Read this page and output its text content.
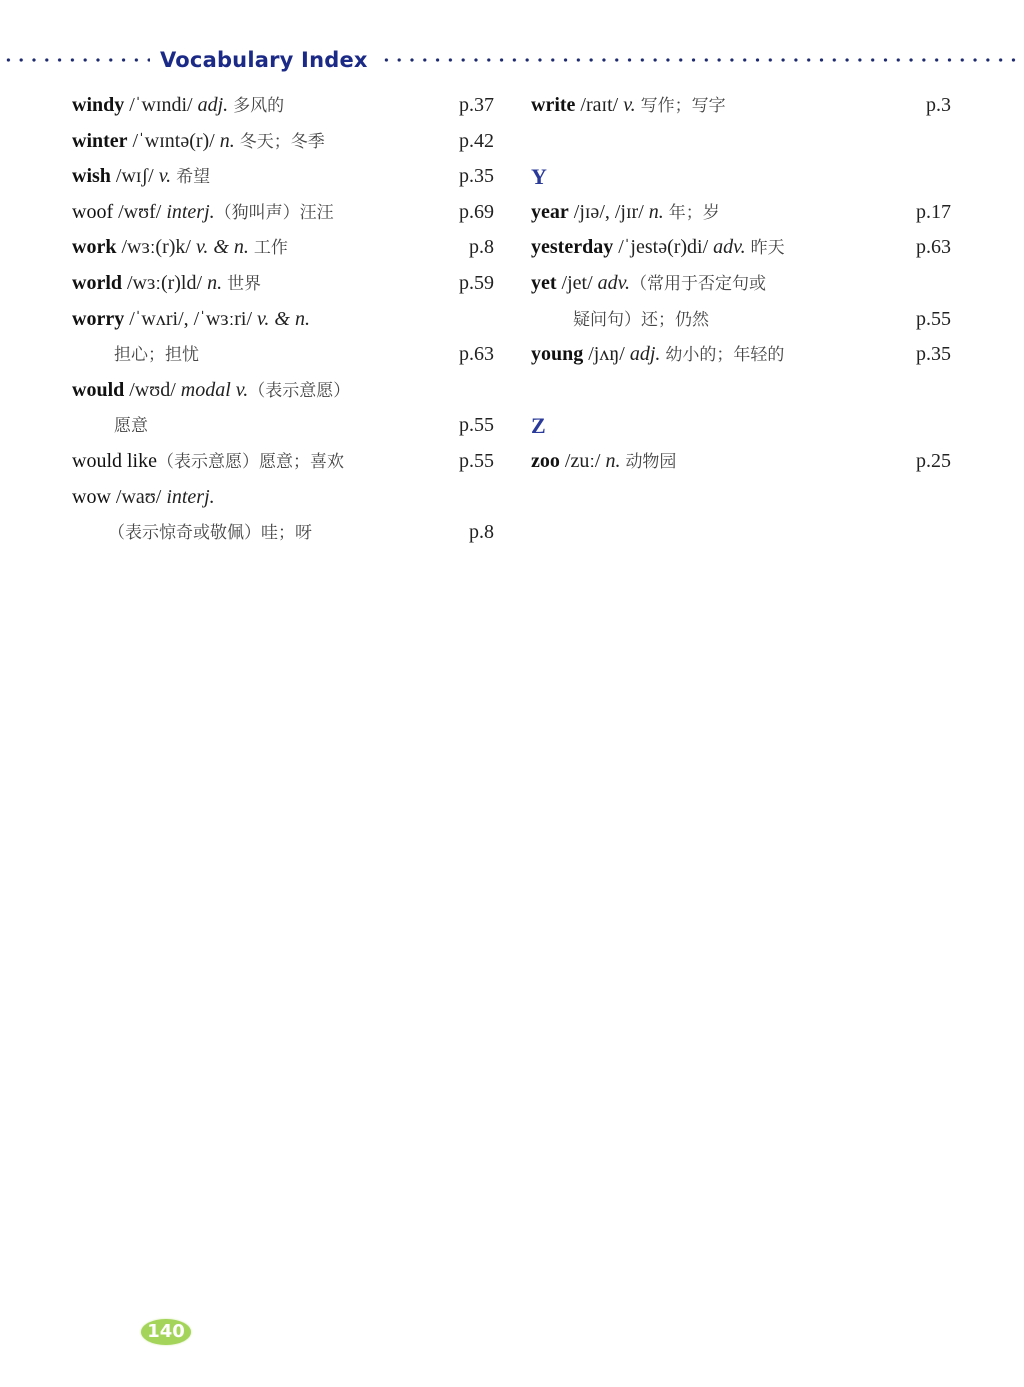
Vocabulary Index
windy /ˈwɪndi/ adj. 多风的	p.37
winter /ˈwɪntə(r)/ n. 冬天；冬季	p.42
wish /wɪʃ/ v. 希望	p.35
woof /wʊf/ interj.（狗叫声）汪汪	p.69
work /wɜː(r)k/ v. & n. 工作	p.8
world /wɜː(r)ld/ n. 世界	p.59
worry /ˈwʌri/, /ˈwɜːri/ v. & n.
担心；担忧	p.63
would /wʊd/ modal v.（表示意愿）
愿意	p.55
would like（表示意愿）愿意；喜欢	p.55
wow /waʊ/ interj.
（表示惊奇或敬佩）哇；呀	p.8
write /raɪt/ v. 写作；写字	p.3
Y
year /jɪə/, /jɪr/ n. 年；岁	p.17
yesterday /ˈjestə(r)di/ adv. 昨天	p.63
yet /jet/ adv.（常用于否定句或
疑问句）还；仍然	p.55
young /jʌŋ/ adj. 幼小的；年轻的	p.35
Z
zoo /zuː/ n. 动物园	p.25
140
